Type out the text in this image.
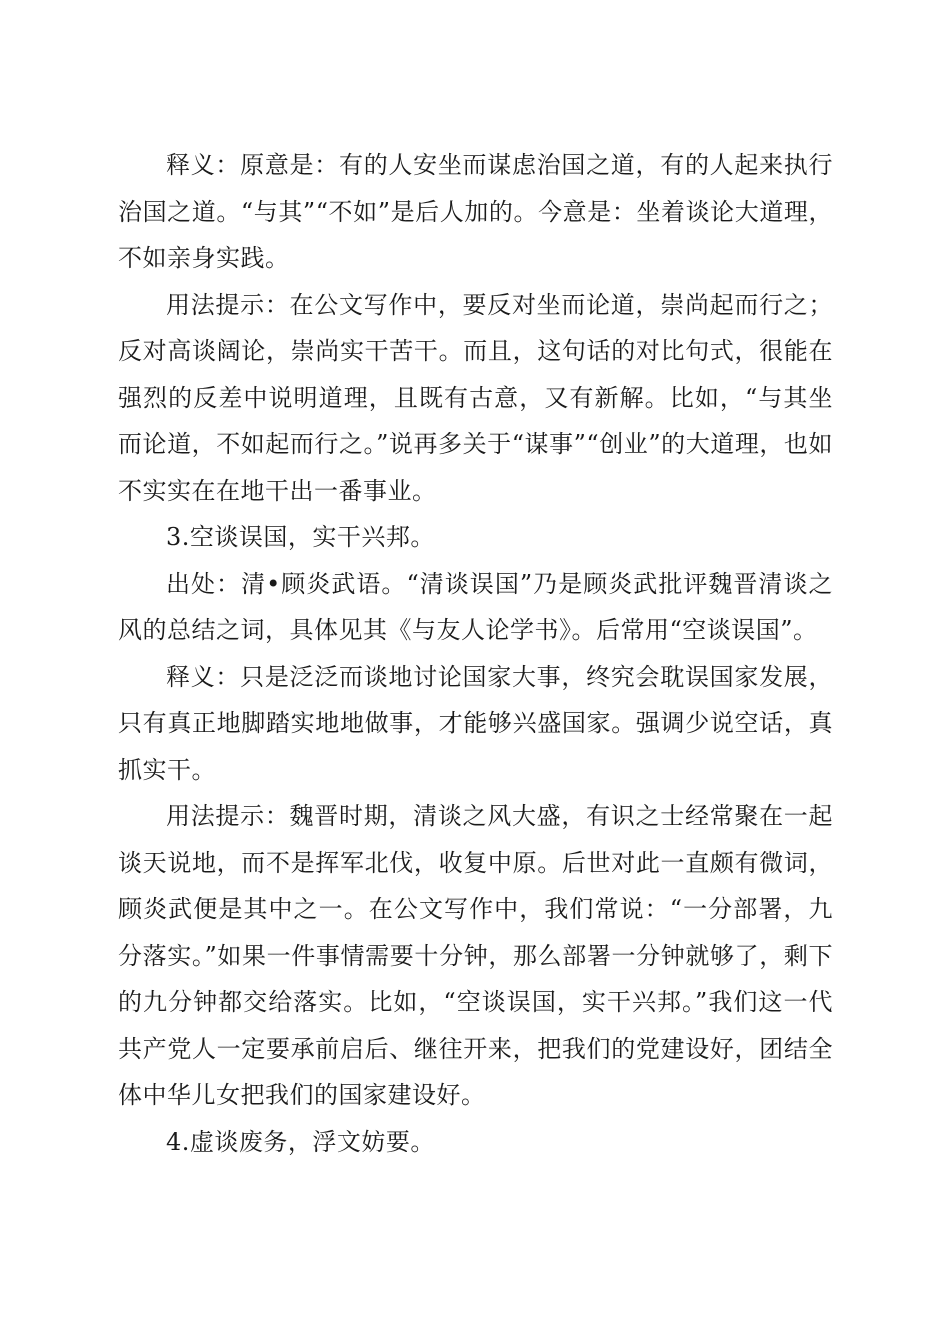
释义：原意是：有的人安坐而谋虑治国之道，有的人起来执行治国之道。“与其”“不如”是后人加的。今意是：坐着谈论大道理，不如亲身实践。

用法提示：在公文写作中，要反对坐而论道，崇尚起而行之；反对高谈阔论，崇尚实干苦干。而且，这句话的对比句式，很能在强烈的反差中说明道理，且既有古意，又有新解。比如，“与其坐而论道，不如起而行之。”说再多关于“谋事”“创业”的大道理，也如不实实在在地干出一番事业。

3.空谈误国，实干兴邦。

出处：清•顾炎武语。“清谈误国”乃是顾炎武批评魏晋清谈之风的总结之词，具体见其《与友人论学书》。后常用“空谈误国”。

释义：只是泛泛而谈地讨论国家大事，终究会耽误国家发展，只有真正地脚踏实地地做事，才能够兴盛国家。强调少说空话，真抓实干。

用法提示：魏晋时期，清谈之风大盛，有识之士经常聚在一起谈天说地，而不是挥军北伐，收复中原。后世对此一直颇有微词，顾炎武便是其中之一。在公文写作中，我们常说：“一分部署，九分落实。”如果一件事情需要十分钟，那么部署一分钟就够了，剩下的九分钟都交给落实。比如，“空谈误国，实干兴邦。”我们这一代共产党人一定要承前启后、继往开来，把我们的党建设好，团结全体中华儿女把我们的国家建设好。

4.虚谈废务，浮文妨要。
